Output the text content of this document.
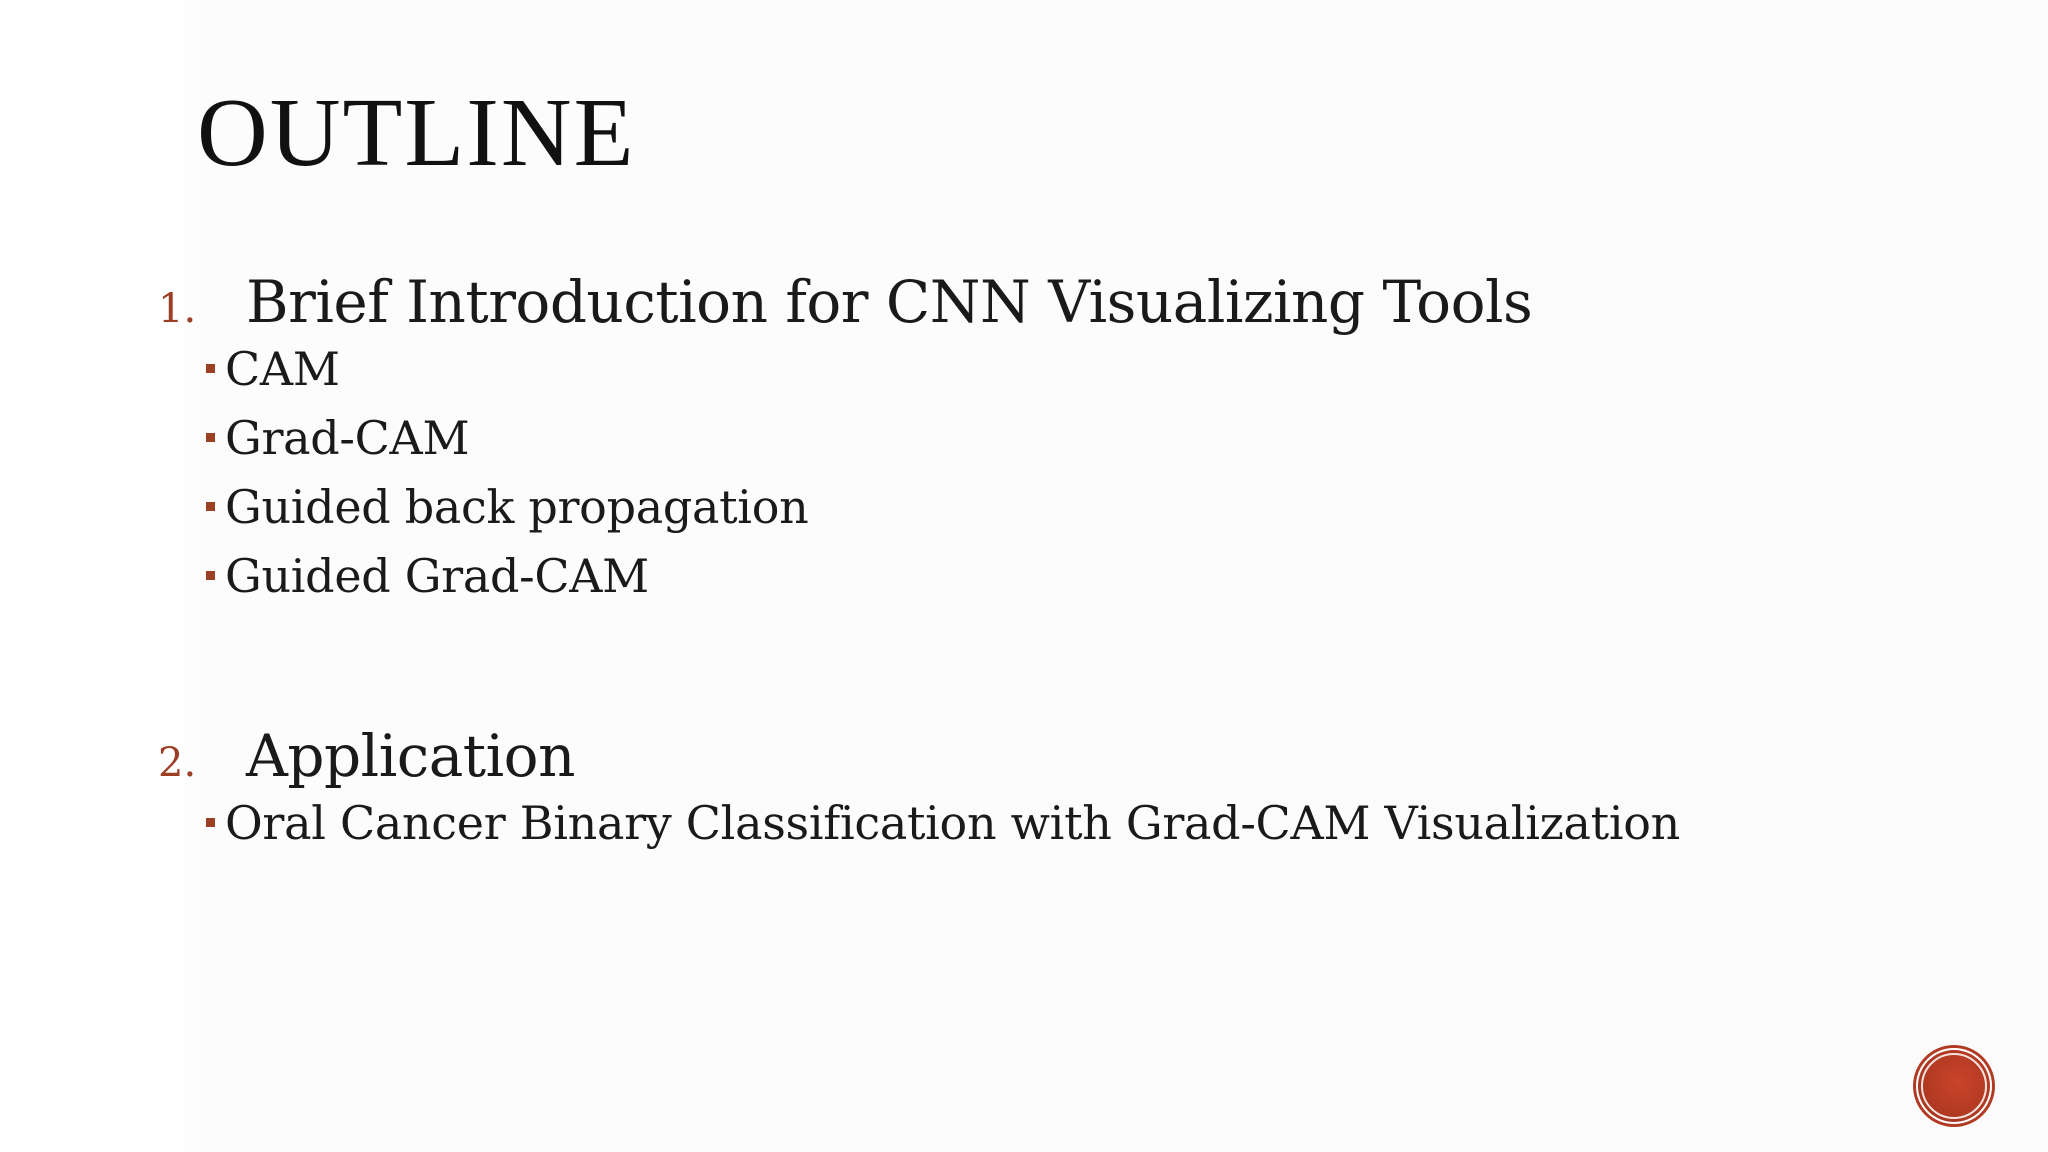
OUTLINE
1. Brief Introduction for CNN Visualizing Tools
CAM
Grad-CAM
Guided back propagation
Guided Grad-CAM
2. Application
Oral Cancer Binary Classification with Grad-CAM Visualization
